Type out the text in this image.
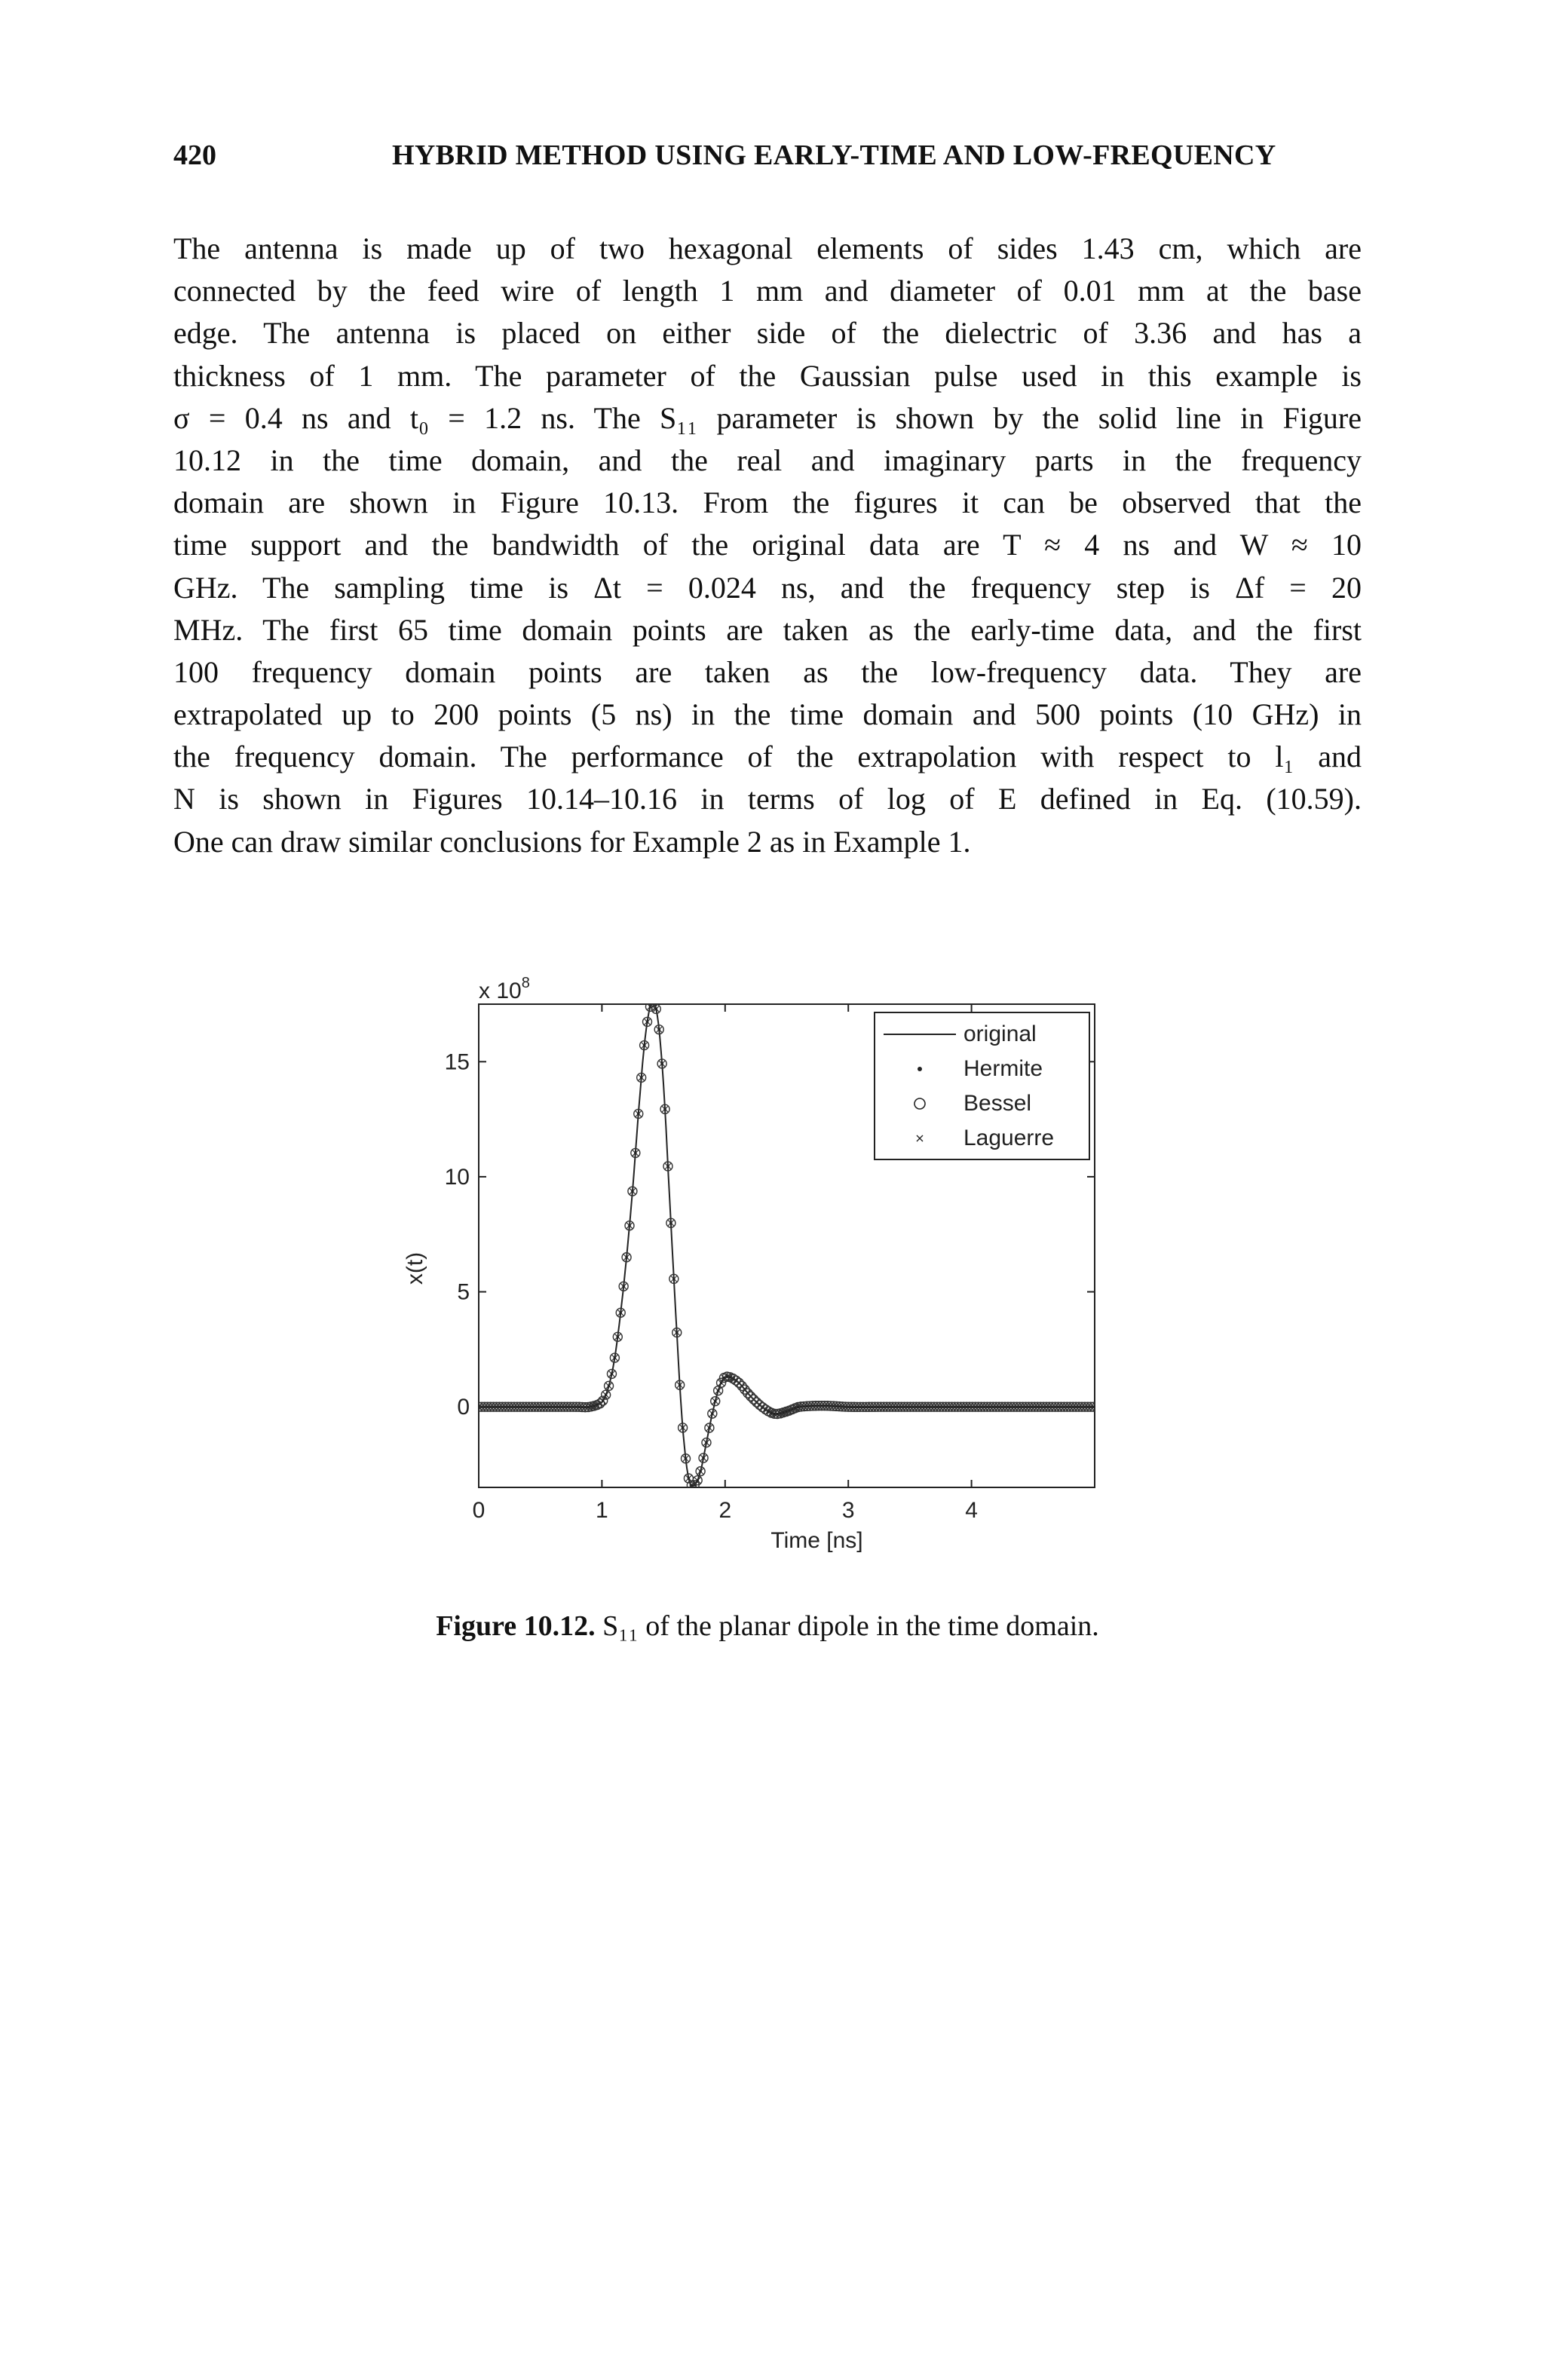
420	HYBRID METHOD USING EARLY-TIME AND LOW-FREQUENCY
The antenna is made up of two hexagonal elements of sides 1.43 cm, which are
connected by the feed wire of length 1 mm and diameter of 0.01 mm at the base
edge. The antenna is placed on either side of the dielectric of 3.36 and has a
thickness of 1 mm. The parameter of the Gaussian pulse used in this example is
σ = 0.4 ns and t₀ = 1.2 ns. The S₁₁ parameter is shown by the solid line in Figure
10.12 in the time domain, and the real and imaginary parts in the frequency
domain are shown in Figure 10.13. From the figures it can be observed that the
time support and the bandwidth of the original data are T ≈ 4 ns and W ≈ 10
GHz. The sampling time is Δt = 0.024 ns, and the frequency step is Δf = 20
MHz. The first 65 time domain points are taken as the early-time data, and the first
100 frequency domain points are taken as the low-frequency data. They are
extrapolated up to 200 points (5 ns) in the time domain and 500 points (10 GHz) in
the frequency domain. The performance of the extrapolation with respect to l₁ and
N is shown in Figures 10.14–10.16 in terms of log of E defined in Eq. (10.59).
One can draw similar conclusions for Example 2 as in Example 1.
0	1	2	3	4
0
5
10
15
Time [ns]
x(t)
x $10^8$
original
Hermite
Bessel
Laguerre
Figure 10.12. S₁₁ of the planar dipole in the time domain.
